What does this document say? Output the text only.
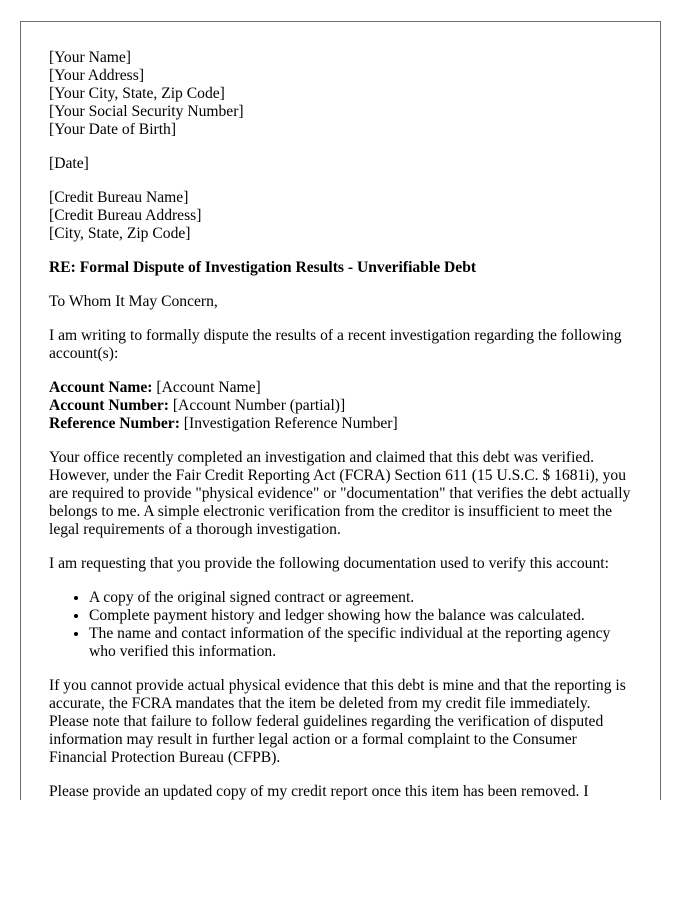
[Your Name]
[Your Address]
[Your City, State, Zip Code]
[Your Social Security Number]
[Your Date of Birth]
[Date]
[Credit Bureau Name]
[Credit Bureau Address]
[City, State, Zip Code]
RE: Formal Dispute of Investigation Results - Unverifiable Debt

To Whom It May Concern,

I am writing to formally dispute the results of a recent investigation regarding the following account(s):

Account Name: [Account Name]
Account Number: [Account Number (partial)]
Reference Number: [Investigation Reference Number]

Your office recently completed an investigation and claimed that this debt was verified. However, under the Fair Credit Reporting Act (FCRA) Section 611 (15 U.S.C. $ 1681i), you are required to provide "physical evidence" or "documentation" that verifies the debt actually belongs to me. A simple electronic verification from the creditor is insufficient to meet the legal requirements of a thorough investigation.

I am requesting that you provide the following documentation used to verify this account:

• A copy of the original signed contract or agreement.
• Complete payment history and ledger showing how the balance was calculated.
• The name and contact information of the specific individual at the reporting agency who verified this information.

If you cannot provide actual physical evidence that this debt is mine and that the reporting is accurate, the FCRA mandates that the item be deleted from my credit file immediately. Please note that failure to follow federal guidelines regarding the verification of disputed information may result in further legal action or a formal complaint to the Consumer Financial Protection Bureau (CFPB).

Please provide an updated copy of my credit report once this item has been removed. I
